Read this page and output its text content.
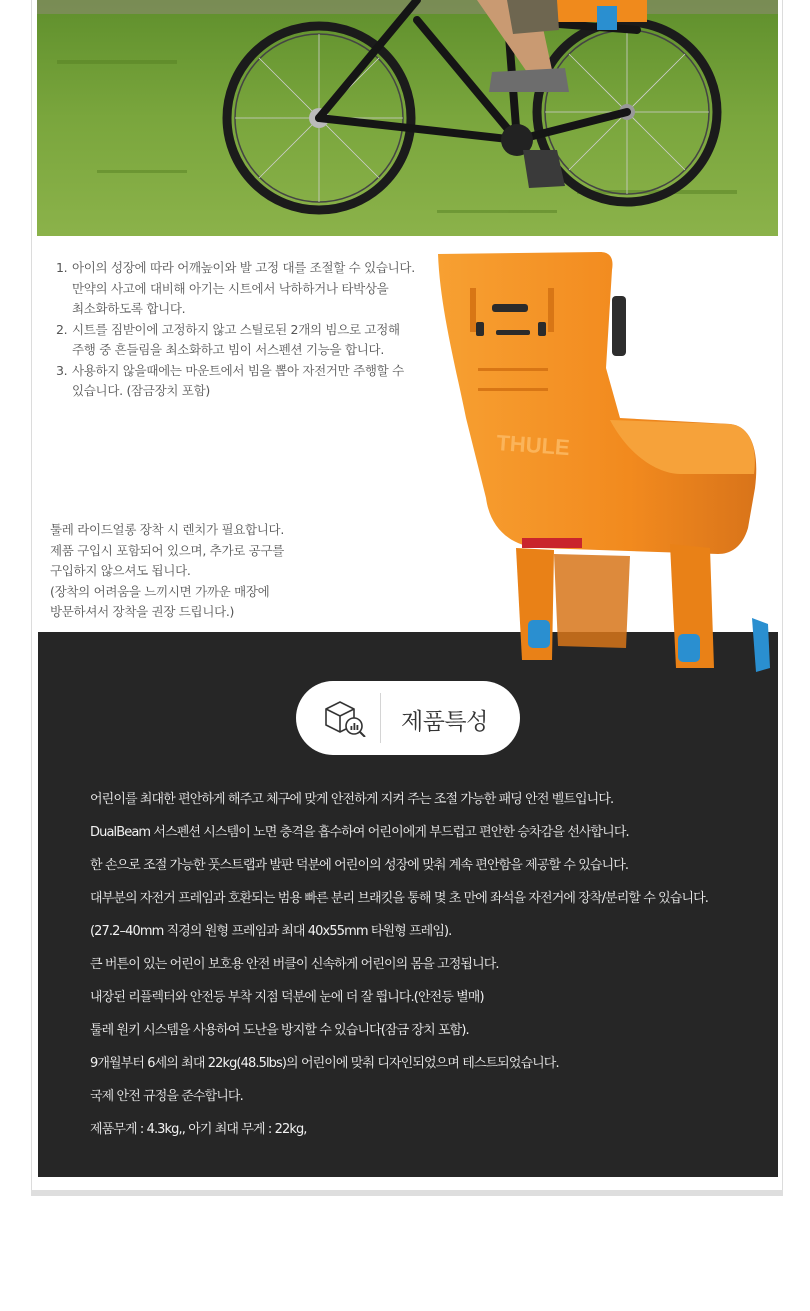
1. 아이의 성장에 따라 어깨높이와 발 고정 대를 조절할 수 있습니다.
만약의 사고에 대비해 아기는 시트에서 낙하하거나 타박상을
최소화하도록 합니다.
2. 시트를 짐받이에 고정하지 않고 스틸로된 2개의 빔으로 고정해
주행 중 흔들림을 최소화하고 빔이 서스펜션 기능을 합니다.
3. 사용하지 않을때에는 마운트에서 빔을 뽑아 자전거만 주행할 수
있습니다. (잠금장치 포함)
툴레 라이드얼롱 장착 시 렌치가 필요합니다.
제품 구입시 포함되어 있으며, 추가로 공구를
구입하지 않으셔도 됩니다.
(장착의 어려움을 느끼시면 가까운 매장에
방문하셔서 장착을 권장 드립니다.)
THULE
제품특성
어린이를 최대한 편안하게 해주고 체구에 맞게 안전하게 지켜 주는 조절 가능한 패딩 안전 벨트입니다.
DualBeam 서스펜션 시스템이 노면 충격을 흡수하여 어린이에게 부드럽고 편안한 승차감을 선사합니다.
한 손으로 조절 가능한 풋스트랩과 발판 덕분에 어린이의 성장에 맞춰 계속 편안함을 제공할 수 있습니다.
대부분의 자전거 프레임과 호환되는 범용 빠른 분리 브래킷을 통해 몇 초 만에 좌석을 자전거에 장착/분리할 수 있습니다.
(27.2–40mm 직경의 원형 프레임과 최대 40x55mm 타원형 프레임).
큰 버튼이 있는 어린이 보호용 안전 버클이 신속하게 어린이의 몸을 고정됩니다.
내장된 리플렉터와 안전등 부착 지점 덕분에 눈에 더 잘 띕니다.(안전등 별매)
툴레 원키 시스템을 사용하여 도난을 방지할 수 있습니다(잠금 장치 포함).
9개월부터 6세의 최대 22kg(48.5lbs)의 어린이에 맞춰 디자인되었으며 테스트되었습니다.
국제 안전 규정을 준수합니다.
제품무게 : 4.3kg,, 아기 최대 무게 : 22kg,
